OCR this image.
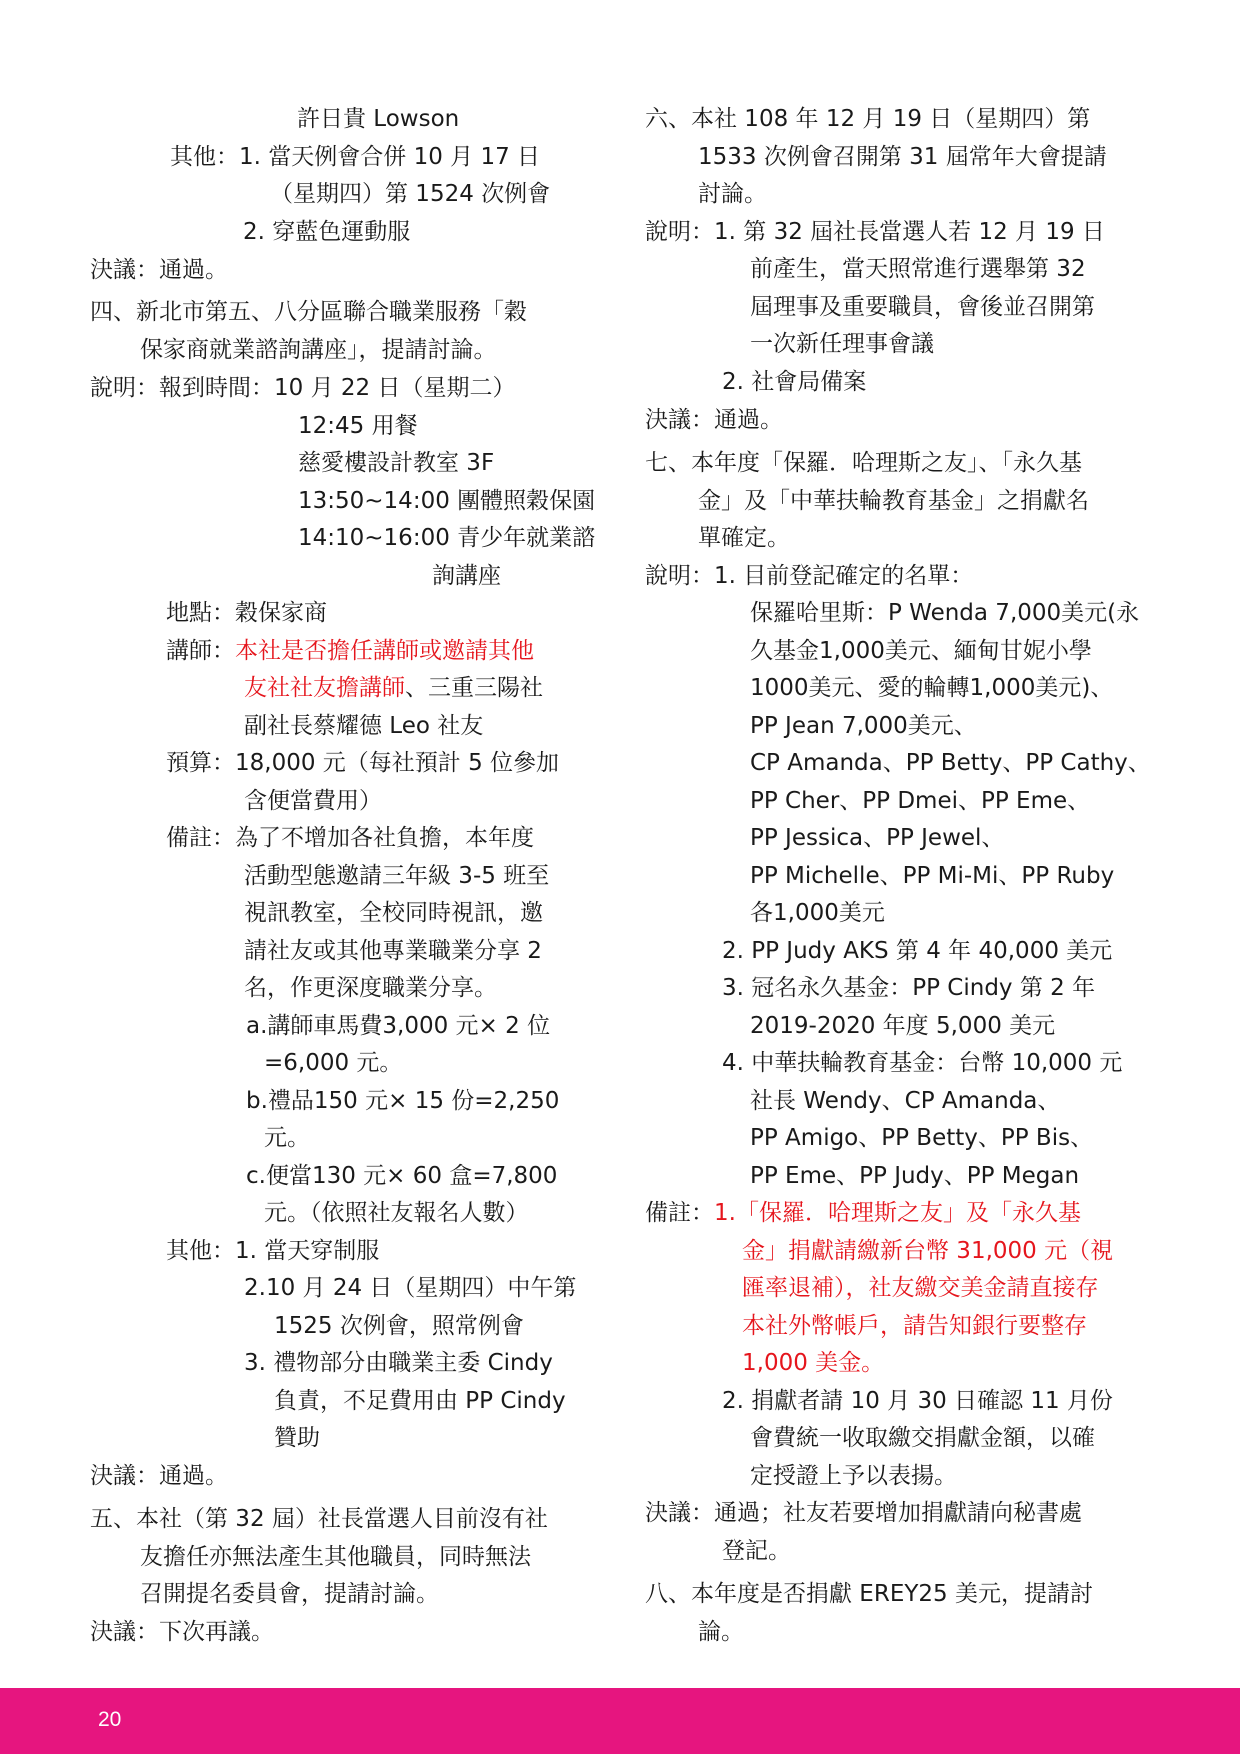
許日貴 Lowson
其他：1. 當天例會合併 10 月 17 日
（星期四）第 1524 次例會
2. 穿藍色運動服
決議：通過。
四、新北市第五、八分區聯合職業服務「穀
保家商就業諮詢講座」，提請討論。
說明：報到時間：10 月 22 日（星期二）
12:45 用餐
慈愛樓設計教室 3F
13:50~14:00 團體照穀保園
14:10~16:00 青少年就業諮
詢講座
地點：穀保家商
講師：本社是否擔任講師或邀請其他
友社社友擔講師、三重三陽社
副社長蔡耀德 Leo 社友
預算：18,000 元（每社預計 5 位參加
含便當費用）
備註：為了不增加各社負擔，本年度
活動型態邀請三年級 3-5 班至
視訊教室，全校同時視訊，邀
請社友或其他專業職業分享 2
名，作更深度職業分享。
a.講師車馬費3,000 元× 2 位
=6,000 元。
b.禮品150 元× 15 份=2,250
元。
c.便當130 元× 60 盒=7,800
元。（依照社友報名人數）
其他：1. 當天穿制服
2.10 月 24 日（星期四）中午第
1525 次例會，照常例會
3. 禮物部分由職業主委 Cindy
負責，不足費用由 PP Cindy
贊助
決議：通過。
五、本社（第 32 屆）社長當選人目前沒有社
友擔任亦無法產生其他職員，同時無法
召開提名委員會，提請討論。
決議：下次再議。
六、本社 108 年 12 月 19 日（星期四）第
1533 次例會召開第 31 屆常年大會提請
討論。
說明：1. 第 32 屆社長當選人若 12 月 19 日
前產生，當天照常進行選舉第 32
屆理事及重要職員，會後並召開第
一次新任理事會議
2. 社會局備案
決議：通過。
七、本年度「保羅．哈理斯之友」、「永久基
金」及「中華扶輪教育基金」之捐獻名
單確定。
說明：1. 目前登記確定的名單：
保羅哈里斯：P Wenda 7,000美元(永
久基金1,000美元、緬甸甘妮小學
1000美元、愛的輪轉1,000美元)、
PP Jean 7,000美元、
CP Amanda、PP Betty、PP Cathy、
PP Cher、PP Dmei、PP Eme、
PP Jessica、PP Jewel、
PP Michelle、PP Mi-Mi、PP Ruby
各1,000美元
2. PP Judy AKS 第 4 年 40,000 美元
3. 冠名永久基金：PP Cindy 第 2 年
2019-2020 年度 5,000 美元
4. 中華扶輪教育基金：台幣 10,000 元
社長 Wendy、CP Amanda、
PP Amigo、PP Betty、PP Bis、
PP Eme、PP Judy、PP Megan
備註：1.「保羅．哈理斯之友」及「永久基
金」捐獻請繳新台幣 31,000 元（視
匯率退補），社友繳交美金請直接存
本社外幣帳戶，請告知銀行要整存
1,000 美金。
2. 捐獻者請 10 月 30 日確認 11 月份
會費統一收取繳交捐獻金額，以確
定授證上予以表揚。
決議：通過；社友若要增加捐獻請向秘書處
登記。
八、本年度是否捐獻 EREY25 美元，提請討
論。
20
